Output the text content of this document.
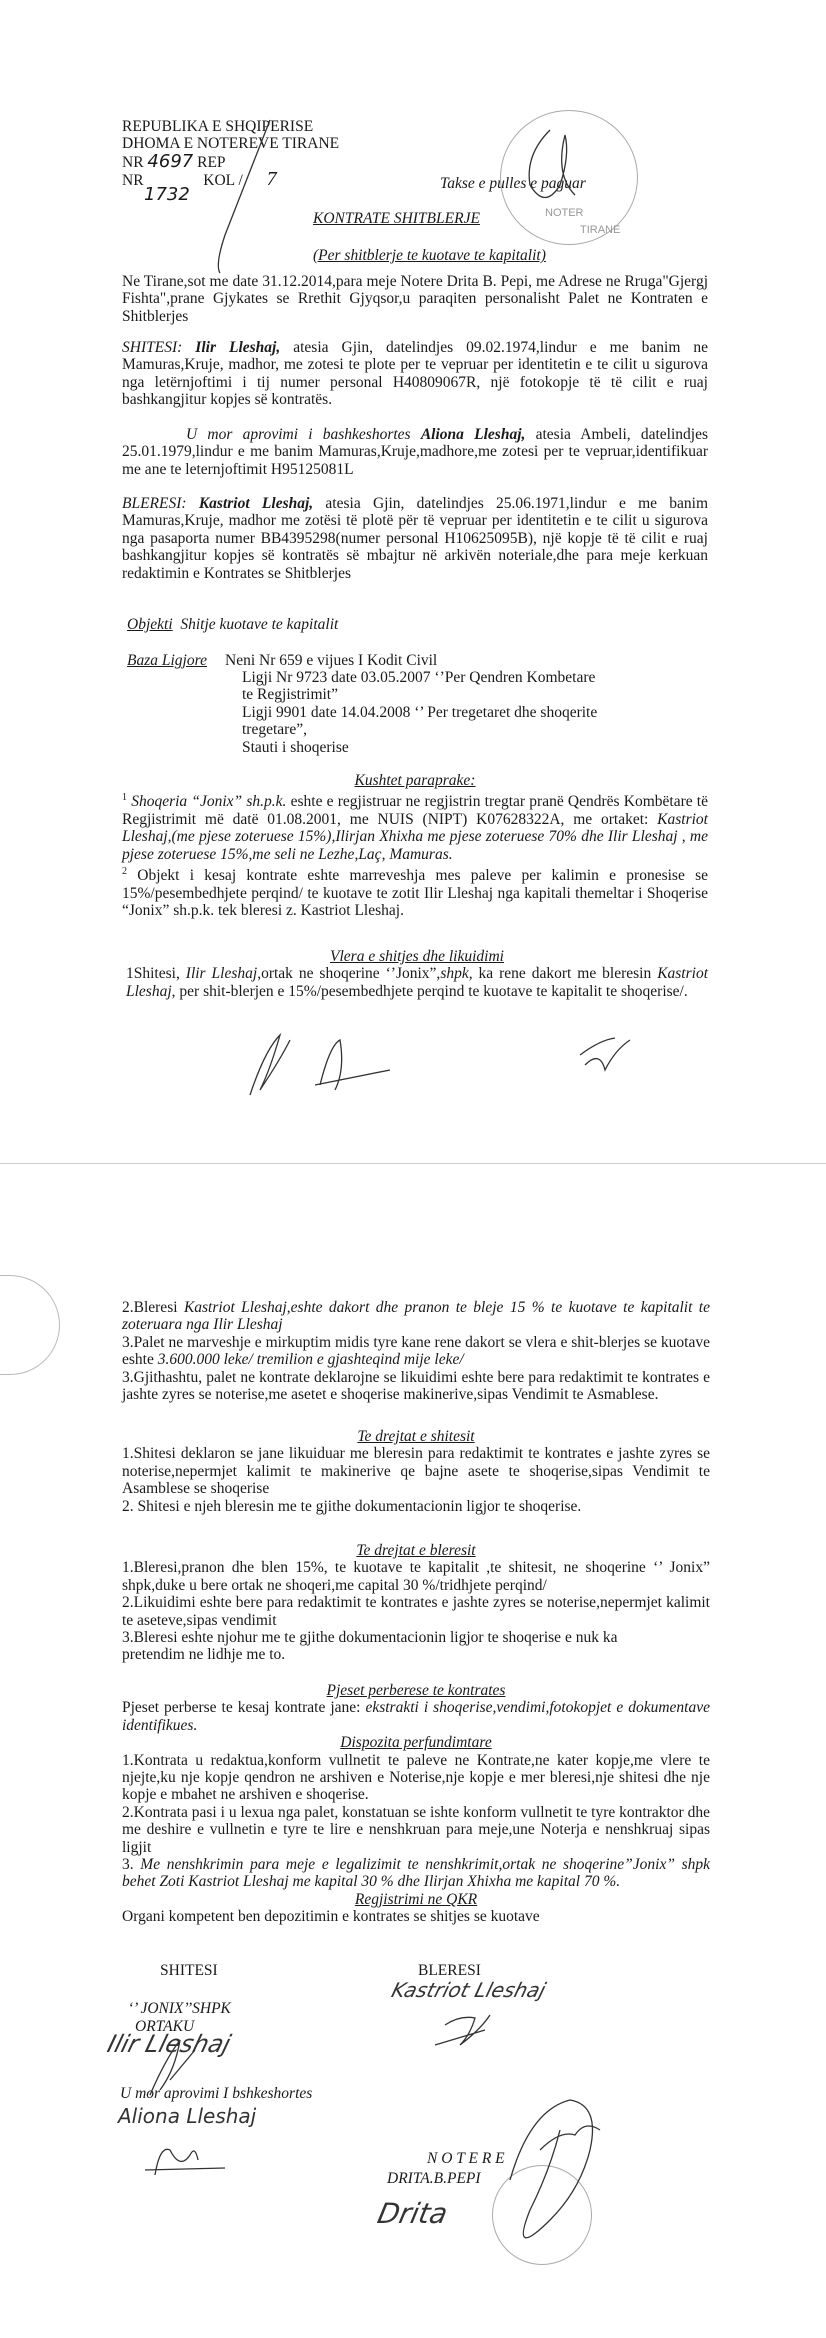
REPUBLIKA E SHQIPERISE

DHOMA E NOTEREVE TIRANE

NR 4697 REP

NR	KOL / 7

1732

Takse e pulles e paguar
NOTER
TIRANE
KONTRATE SHITBLERJE
(Per shitblerje te kuotave te kapitalit)
Ne Tirane,sot me date 31.12.2014,para meje Notere Drita B. Pepi, me Adrese ne Rruga"Gjergj Fishta",prane Gjykates se Rrethit Gjyqsor,u paraqiten personalisht Palet ne Kontraten e Shitblerjes
SHITESI: Ilir Lleshaj, atesia Gjin, datelindjes 09.02.1974,lindur e me banim ne Mamuras,Kruje, madhor, me zotesi te plote per te vepruar per identitetin e te cilit u sigurova nga letërnjoftimi i tij numer personal H40809067R, një fotokopje të të cilit e ruaj bashkangjitur kopjes së kontratës.
U mor aprovimi i bashkeshortes Aliona Lleshaj, atesia Ambeli, datelindjes 25.01.1979,lindur e me banim Mamuras,Kruje,madhore,me zotesi per te vepruar,identifikuar me ane te leternjoftimit H95125081L
BLERESI: Kastriot Lleshaj, atesia Gjin, datelindjes 25.06.1971,lindur e me banim Mamuras,Kruje, madhor me zotësi të plotë për të vepruar per identitetin e te cilit u sigurova nga pasaporta numer BB4395298(numer personal H10625095B), një kopje të të cilit e ruaj bashkangjitur kopjes së kontratës së mbajtur në arkivën noteriale,dhe para meje kerkuan redaktimin e Kontrates se Shitblerjes
Objekti Shitje kuotave te kapitalit
Baza Ligjore Neni Nr 659 e vijues I Kodit Civil

Ligji Nr 9723 date 03.05.2007 ‘’Per Qendren Kombetare

te Regjistrimit”

Ligji 9901 date 14.04.2008 ‘’ Per tregetaret dhe shoqerite

tregetare”,

Stauti i shoqerise

Kushtet paraprake:

$^1$ Shoqeria “Jonix” sh.p.k. eshte e regjistruar ne regjistrin tregtar pranë Qendrës Kombëtare të Regjistrimit më datë 01.08.2001, me NUIS (NIPT) K07628322A, me ortaket: Kastriot Lleshaj,(me pjese zoteruese 15%),Ilirjan Xhixha me pjese zoteruese 70% dhe Ilir Lleshaj , me pjese zoteruese 15%,me seli ne Lezhe,Laç, Mamuras.

$^2$ Objekt i kesaj kontrate eshte marreveshja mes paleve per kalimin e pronesise se 15%/pesembedhjete perqind/ te kuotave te zotit Ilir Lleshaj nga kapitali themeltar i Shoqerise “Jonix” sh.p.k. tek bleresi z. Kastriot Lleshaj.

Vlera e shitjes dhe likuidimi

1Shitesi, Ilir Lleshaj,ortak ne shoqerine ‘’Jonix”,shpk, ka rene dakort me bleresin Kastriot Lleshaj, per shit-blerjen e 15%/pesembedhjete perqind te kuotave te kapitalit te shoqerise/.

2.Bleresi Kastriot Lleshaj,eshte dakort dhe pranon te bleje 15 % te kuotave te kapitalit te zoteruara nga Ilir Lleshaj

3.Palet ne marveshje e mirkuptim midis tyre kane rene dakort se vlera e shit-blerjes se kuotave eshte 3.600.000 leke/ tremilion e gjashteqind mije leke/

3.Gjithashtu, palet ne kontrate deklarojne se likuidimi eshte bere para redaktimit te kontrates e jashte zyres se noterise,me asetet e shoqerise makinerive,sipas Vendimit te Asmablese.

Te drejtat e shitesit

1.Shitesi deklaron se jane likuiduar me bleresin para redaktimit te kontrates e jashte zyres se noterise,nepermjet kalimit te makinerive qe bajne asete te shoqerise,sipas Vendimit te Asamblese se shoqerise

2. Shitesi e njeh bleresin me te gjithe dokumentacionin ligjor te shoqerise.

Te drejtat e bleresit

1.Bleresi,pranon dhe blen 15%, te kuotave te kapitalit ,te shitesit, ne shoqerine ‘’ Jonix” shpk,duke u bere ortak ne shoqeri,me capital 30 %/tridhjete perqind/

2.Likuidimi eshte bere para redaktimit te kontrates e jashte zyres se noterise,nepermjet kalimit te aseteve,sipas vendimit

3.Bleresi eshte njohur me te gjithe dokumentacionin ligjor te shoqerise e nuk ka pretendim ne lidhje me to.

Pjeset perberese te kontrates

Pjeset perberse te kesaj kontrate jane: ekstrakti i shoqerise,vendimi,fotokopjet e dokumentave identifikues.

Dispozita perfundimtare

1.Kontrata u redaktua,konform vullnetit te paleve ne Kontrate,ne kater kopje,me vlere te njejte,ku nje kopje qendron ne arshiven e Noterise,nje kopje e mer bleresi,nje shitesi dhe nje kopje e mbahet ne arshiven e shoqerise.

2.Kontrata pasi i u lexua nga palet, konstatuan se ishte konform vullnetit te tyre kontraktor dhe me deshire e vullnetin e tyre te lire e nenshkruan para meje,une Noterja e nenshkruaj sipas ligjit

3. Me nenshkrimin para meje e legalizimit te nenshkrimit,ortak ne shoqerine”Jonix” shpk behet Zoti Kastriot Lleshaj me kapital 30 % dhe Ilirjan Xhixha me kapital 70 %.

Regjistrimi ne QKR

Organi kompetent ben depozitimin e kontrates se shitjes se kuotave

SHITESI
‘’ JONIX’’SHPK
ORTAKU
Ilir Lleshaj
BLERESI
Kastriot Lleshaj
U mor aprovimi I bshkeshortes
Aliona Lleshaj
N O T E R E
DRITA.B.PEPI
Drita
